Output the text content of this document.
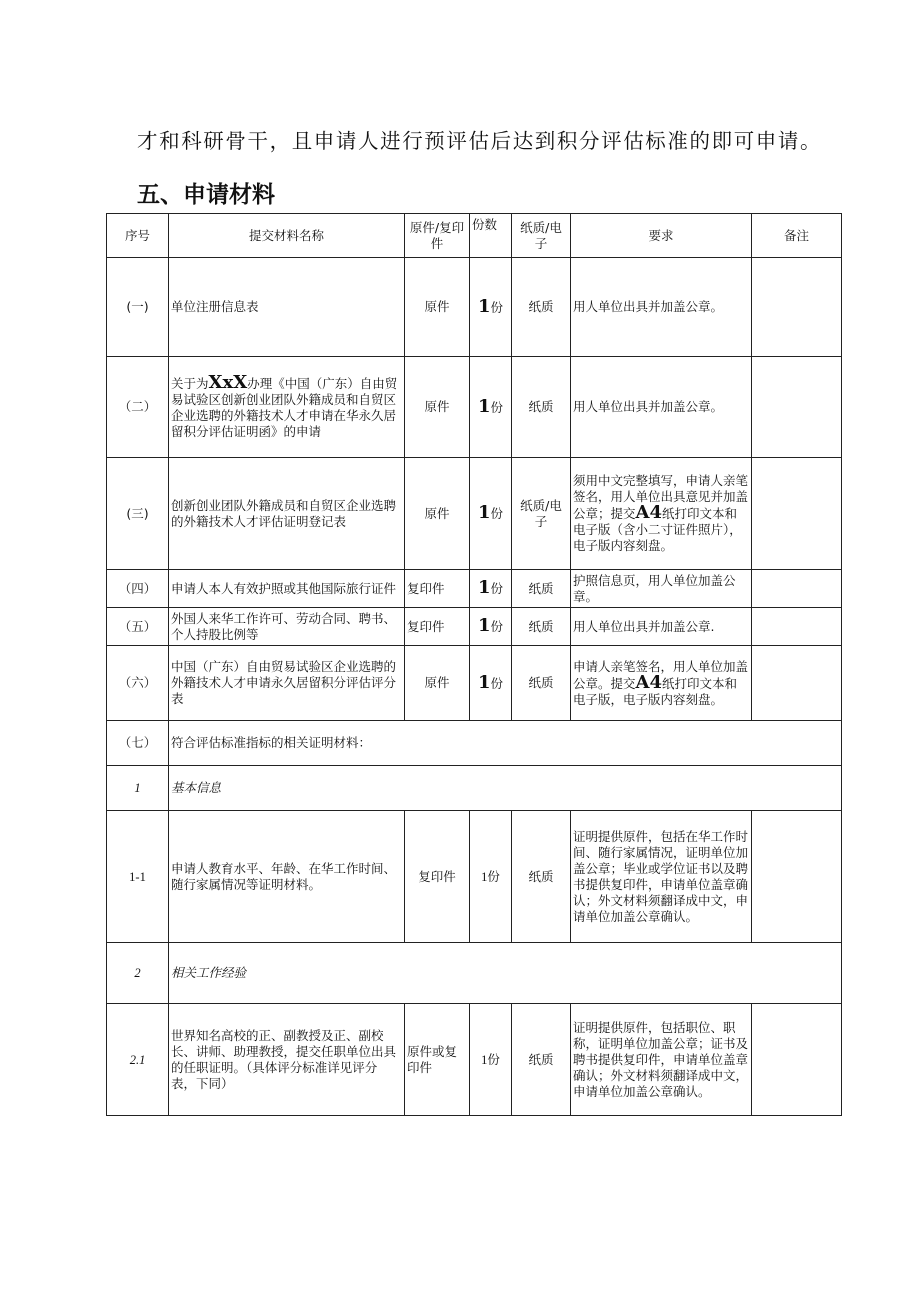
才和科研骨干，且申请人进行预评估后达到积分评估标准的即可申请。
五、申请材料
序号	提交材料名称	原件/复印件	份数	纸质/电子	要求	备注
(一)	单位注册信息表	原件	1份	纸质	用人单位出具并加盖公章。	
（二）	关于为XxX办理《中国（广东）自由贸易试验区创新创业团队外籍成员和自贸区企业选聘的外籍技术人才申请在华永久居留积分评估证明函》的申请	原件	1份	纸质	用人单位出具并加盖公章。	
(三)	创新创业团队外籍成员和自贸区企业选聘的外籍技术人才评估证明登记表	原件	1份	纸质/电子	须用中文完整填写，申请人亲笔签名，用人单位出具意见并加盖公章；提交A4纸打印文本和电子版（含小二寸证件照片），电子版内容刻盘。	
（四）	申请人本人有效护照或其他国际旅行证件	复印件	1份	纸质	护照信息页，用人单位加盖公章。	
（五）	外国人来华工作许可、劳动合同、聘书、个人持股比例等	复印件	1份	纸质	用人单位出具并加盖公章.	
（六）	中国（广东）自由贸易试验区企业选聘的外籍技术人才申请永久居留积分评估评分表	原件	1份	纸质	申请人亲笔签名，用人单位加盖公章。提交A4纸打印文本和电子版，电子版内容刻盘。	
（七）	符合评估标准指标的相关证明材料：					
1	基本信息					
1-1	申请人教育水平、年龄、在华工作时间、随行家属情况等证明材料。	复印件	1份	纸质	证明提供原件，包括在华工作时间、随行家属情况，证明单位加盖公章；毕业或学位证书以及聘书提供复印件，申请单位盖章确认；外文材料须翻译成中文，申请单位加盖公章确认。	
2	相关工作经验					
2.1	世界知名高校的正、副教授及正、副校长、讲师、助理教授，提交任职单位出具的任职证明。（具体评分标准详见评分表，下同）	原件或复印件	1份	纸质	证明提供原件，包括职位、职称，证明单位加盖公章；证书及聘书提供复印件，申请单位盖章确认；外文材料须翻译成中文，申请单位加盖公章确认。	
